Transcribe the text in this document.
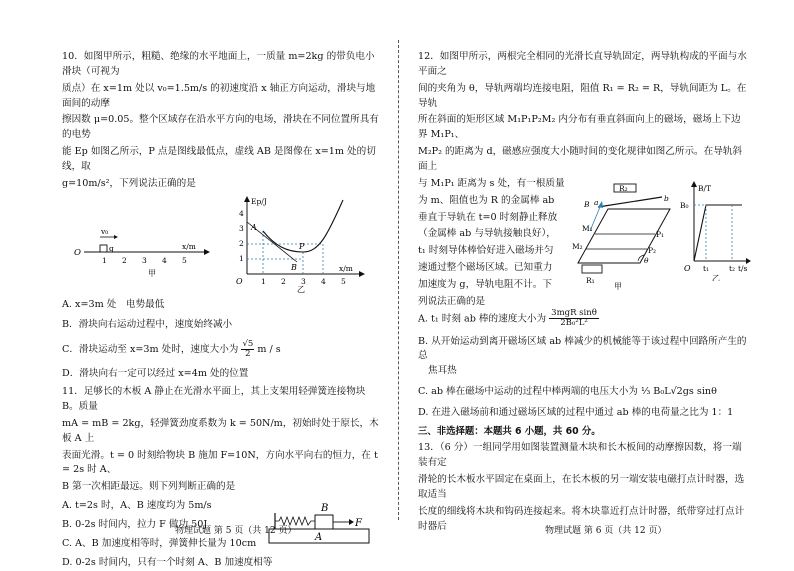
10．如图甲所示，粗糙、绝缘的水平地面上，一质量 m=2kg 的带负电小滑块（可视为

质点）在 x=1m 处以 v₀=1.5m/s 的初速度沿 x 轴正方向运动，滑块与地面间的动摩

擦因数 μ=0.05。整个区域存在沿水平方向的电场，滑块在不同位置所具有的电势

能 Ep 如图乙所示，P 点是图线最低点，虚线 AB 是图像在 x=1m 处的切线，取

g=10m/s²，下列说法正确的是

v₀
q
O
x/m
1 2 3 4 5
甲
Ep/J
x/m
O
1
2
3
4
1 2 3 4 5
A
B
P
乙

A. x=3m 处　电势最低

B．滑块向右运动过程中，速度始终减小

C．滑块运动至 x=3m 处时，速度大小为 $\frac{√5}{2}$ m / s

D．滑块向右一定可以经过 x=4m 处的位置

11．足够长的木板 A 静止在光滑水平面上，其上支架用轻弹簧连接物块 B。质量

mA = mB = 2kg，轻弹簧劲度系数为 k = 50N/m，初始时处于原长，木板 A 上

表面光滑。t = 0 时刻给物块 B 施加 F=10N，方向水平向右的恒力，在 t = 2s 时 A、

B 第一次相距最远。则下列判断正确的是

A. t=2s 时，A、B 速度均为 5m/s

B. 0-2s 时间内，拉力 F 做功 50J

C. A、B 加速度相等时，弹簧伸长量为 10cm

D. 0-2s 时间内，只有一个时刻 A、B 加速度相等

B
F
A

12．如图甲所示，两根完全相同的光滑长直导轨固定，两导轨构成的平面与水平面之

间的夹角为 θ，导轨两端均连接电阻，阻值 R₁ = R₂ = R，导轨间距为 L。在导轨

所在斜面的矩形区域 M₁P₁P₂M₂ 内分布有垂直斜面向上的磁场，磁场上下边界 M₁P₁、

M₂P₂ 的距离为 d，磁感应强度大小随时间的变化规律如图乙所示。在导轨斜面上

与 M₁P₁ 距离为 s 处，有一根质量

为 m、阻值也为 R 的金属棒 ab

垂直于导轨在 t=0 时刻静止释放

（金属棒 ab 与导轨接触良好），

t₁ 时刻导体棒恰好进入磁场并匀

速通过整个磁场区域。已知重力

加速度为 g，导轨电阻不计。下

列说法正确的是

R₂
R₁
a	b
B
M₁
M₂
P₁
P₂
θ
甲
B/T
B₀
O t₁	t₂ t/s
乙

A. t₁ 时刻 ab 棒的速度大小为
3mgR sinθ
2B₀²L²

B. 从开始运动到离开磁场区域 ab 棒减少的机械能等于该过程中回路所产生的总

焦耳热

C. ab 棒在磁场中运动的过程中棒两端的电压大小为 ⅓ B₀L√2gs sinθ

D. 在进入磁场前和通过磁场区域的过程中通过 ab 棒的电荷量之比为 1：1

三、非选择题：本题共 6 小题，共 60 分。

13．（6 分）一组同学用如图装置测量木块和长木板间的动摩擦因数，将一端装有定

滑轮的长木板水平固定在桌面上，在长木板的另一端安装电磁打点计时器，选取适当

长度的细线将木块和钩码连接起来。将木块靠近打点计时器，纸带穿过打点计时器后

物理试题 第 5 页（共 12 页）	物理试题 第 6 页（共 12 页）
